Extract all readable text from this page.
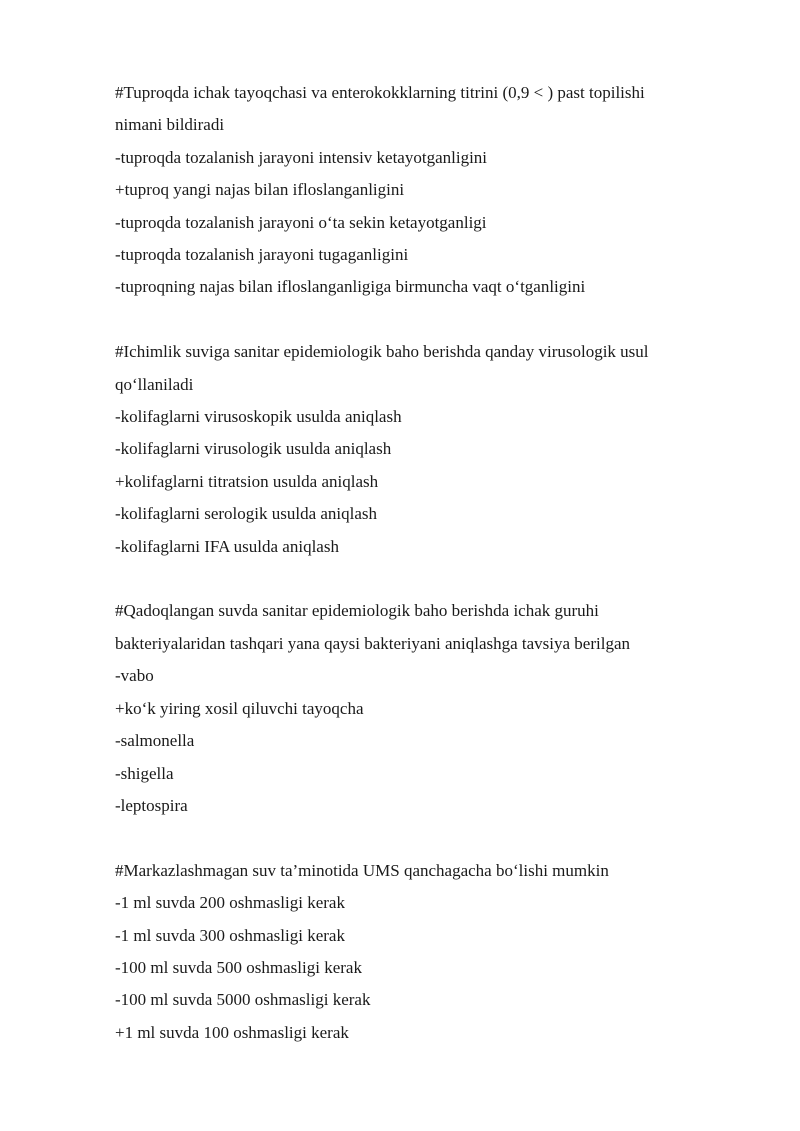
#Tuproqda ichak tayoqchasi va enterokokklarning titrini (0,9 < ) past topilishi
nimani bildiradi
-tuproqda tozalanish jarayoni intensiv ketayotganligini
+tuproq yangi najas bilan ifloslanganligini
-tuproqda tozalanish jarayoni o‘ta sekin ketayotganligi
-tuproqda tozalanish jarayoni tugaganligini
-tuproqning najas bilan ifloslanganligiga birmuncha vaqt o‘tganligini
#Ichimlik suviga sanitar epidemiologik baho berishda qanday virusologik usul
qo‘llaniladi
-kolifaglarni virusoskopik usulda aniqlash
-kolifaglarni virusologik usulda aniqlash
+kolifaglarni titratsion usulda aniqlash
-kolifaglarni serologik usulda aniqlash
-kolifaglarni IFA usulda aniqlash
#Qadoqlangan suvda sanitar epidemiologik baho berishda ichak guruhi
bakteriyalaridan tashqari yana qaysi bakteriyani aniqlashga tavsiya berilgan
-vabo
+ko‘k yiring xosil qiluvchi tayoqcha
-salmonella
-shigella
-leptospira
#Markazlashmagan suv ta’minotida UMS qanchagacha bo‘lishi mumkin
-1 ml suvda 200 oshmasligi kerak
-1 ml suvda 300 oshmasligi kerak
-100 ml suvda 500 oshmasligi kerak
-100 ml suvda 5000 oshmasligi kerak
+1 ml suvda 100 oshmasligi kerak
